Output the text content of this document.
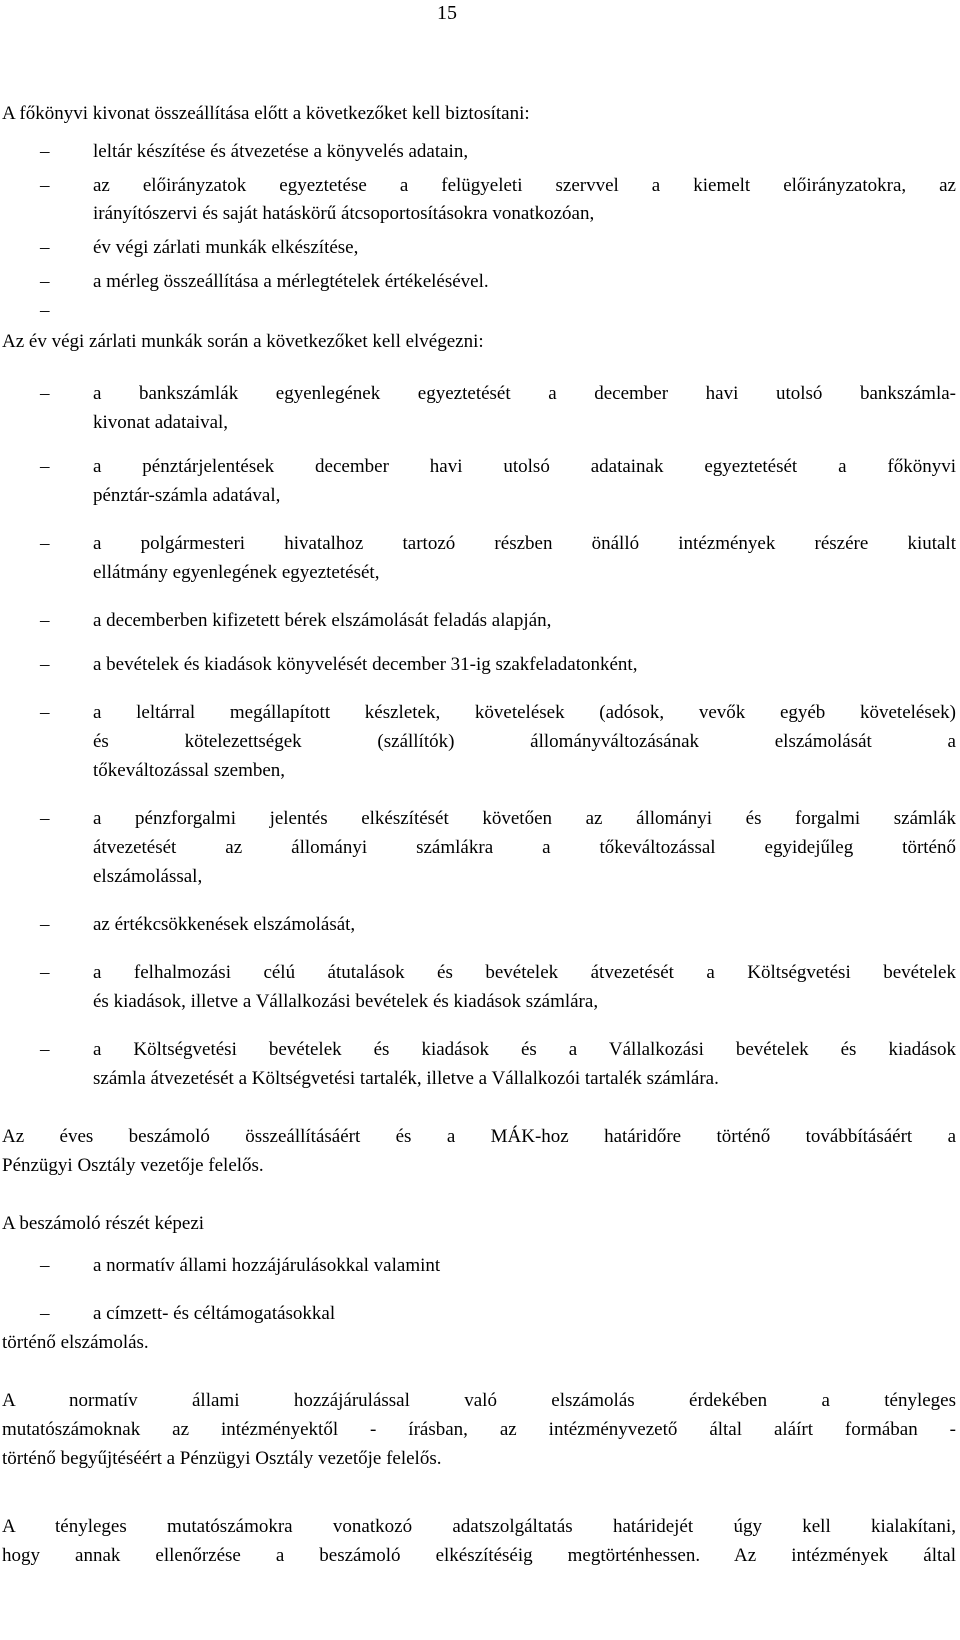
15
A főkönyvi kivonat összeállítása előtt a következőket kell biztosítani:
– leltár készítése és átvezetése a könyvelés adatain,
– az előirányzatok egyeztetése a felügyeleti szervvel a kiemelt előirányzatokra, az
irányítószervi és saját hatáskörű átcsoportosításokra vonatkozóan,
– év végi zárlati munkák elkészítése,
– a mérleg összeállítása a mérlegtételek értékelésével.
–
Az év végi zárlati munkák során a következőket kell elvégezni:
– a bankszámlák egyenlegének egyeztetését a december havi utolsó bankszámla-
kivonat adataival,
– a pénztárjelentések december havi utolsó adatainak egyeztetését a főkönyvi
pénztár-számla adatával,
– a polgármesteri hivatalhoz tartozó részben önálló intézmények részére kiutalt
ellátmány egyenlegének egyeztetését,
– a decemberben kifizetett bérek elszámolását feladás alapján,
– a bevételek és kiadások könyvelését december 31-ig szakfeladatonként,
– a leltárral megállapított készletek, követelések (adósok, vevők egyéb követelések)
és kötelezettségek (szállítók) állományváltozásának elszámolását a
tőkeváltozással szemben,
– a pénzforgalmi jelentés elkészítését követően az állományi és forgalmi számlák
átvezetését az állományi számlákra a tőkeváltozással egyidejűleg történő
elszámolással,
– az értékcsökkenések elszámolását,
– a felhalmozási célú átutalások és bevételek átvezetését a Költségvetési bevételek
és kiadások, illetve a Vállalkozási bevételek és kiadások számlára,
– a Költségvetési bevételek és kiadások és a Vállalkozási bevételek és kiadások
számla átvezetését a Költségvetési tartalék, illetve a Vállalkozói tartalék számlára.
Az éves beszámoló összeállításáért és a MÁK-hoz határidőre történő továbbításáért a
Pénzügyi Osztály vezetője felelős.
A beszámoló részét képezi
– a normatív állami hozzájárulásokkal valamint
– a címzett- és céltámogatásokkal
történő elszámolás.
A normatív állami hozzájárulással való elszámolás érdekében a tényleges
mutatószámoknak az intézményektől - írásban, az intézményvezető által aláírt formában -
történő begyűjtéséért a Pénzügyi Osztály vezetője felelős.
A tényleges mutatószámokra vonatkozó adatszolgáltatás határidejét úgy kell kialakítani,
hogy annak ellenőrzése a beszámoló elkészítéséig megtörténhessen. Az intézmények által
